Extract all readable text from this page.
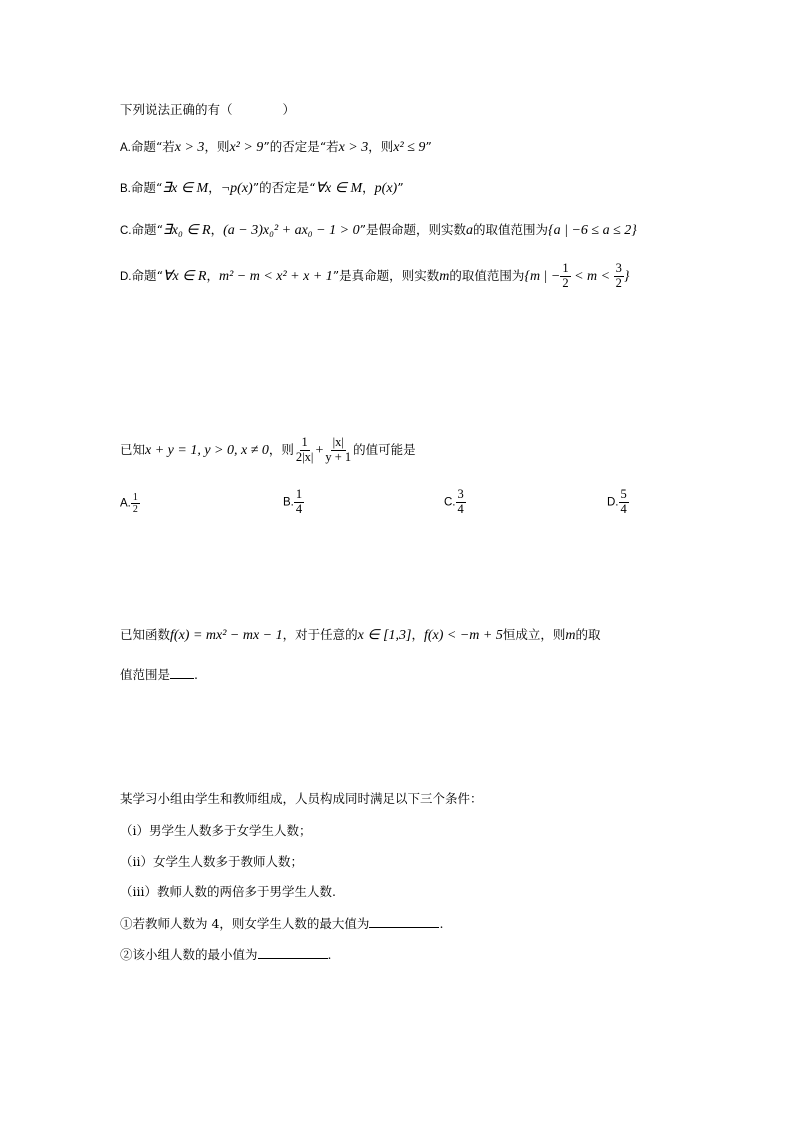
下列说法正确的有（　　　　）
A.命题“若x > 3，则x² > 9”的否定是“若x > 3，则x² ≤ 9”
B.命题“∃x ∈ M，¬p(x)”的否定是“∀x ∈ M，p(x)”
C.命题“∃x₀ ∈ R，(a − 3)x₀² + ax₀ − 1 > 0”是假命题，则实数a的取值范围为{a | −6 ≤ a ≤ 2}
D.命题“∀x ∈ R，m² − m < x² + x + 1”是真命题，则实数m的取值范围为{m | − $\frac{1}{2} < m < \frac{3}{2}$ }
已知x + y = 1, y > 0, x ≠ 0，则 $\frac{1}{2|x|} + \frac{|x|}{y + 1}$ 的值可能是
A. $\frac{1}{2}$	B. $\frac{1}{4}$	C. $\frac{3}{4}$	D. $\frac{5}{4}$
已知函数f(x) = mx² − mx − 1，对于任意的x ∈ [1,3]，f(x) < −m + 5恒成立，则m的取
值范围是 .
某学习小组由学生和教师组成，人员构成同时满足以下三个条件：
（ⅰ）男学生人数多于女学生人数；
（ⅱ）女学生人数多于教师人数；
（ⅲ）教师人数的两倍多于男学生人数.
①若教师人数为 4，则女学生人数的最大值为	.
②该小组人数的最小值为	.
